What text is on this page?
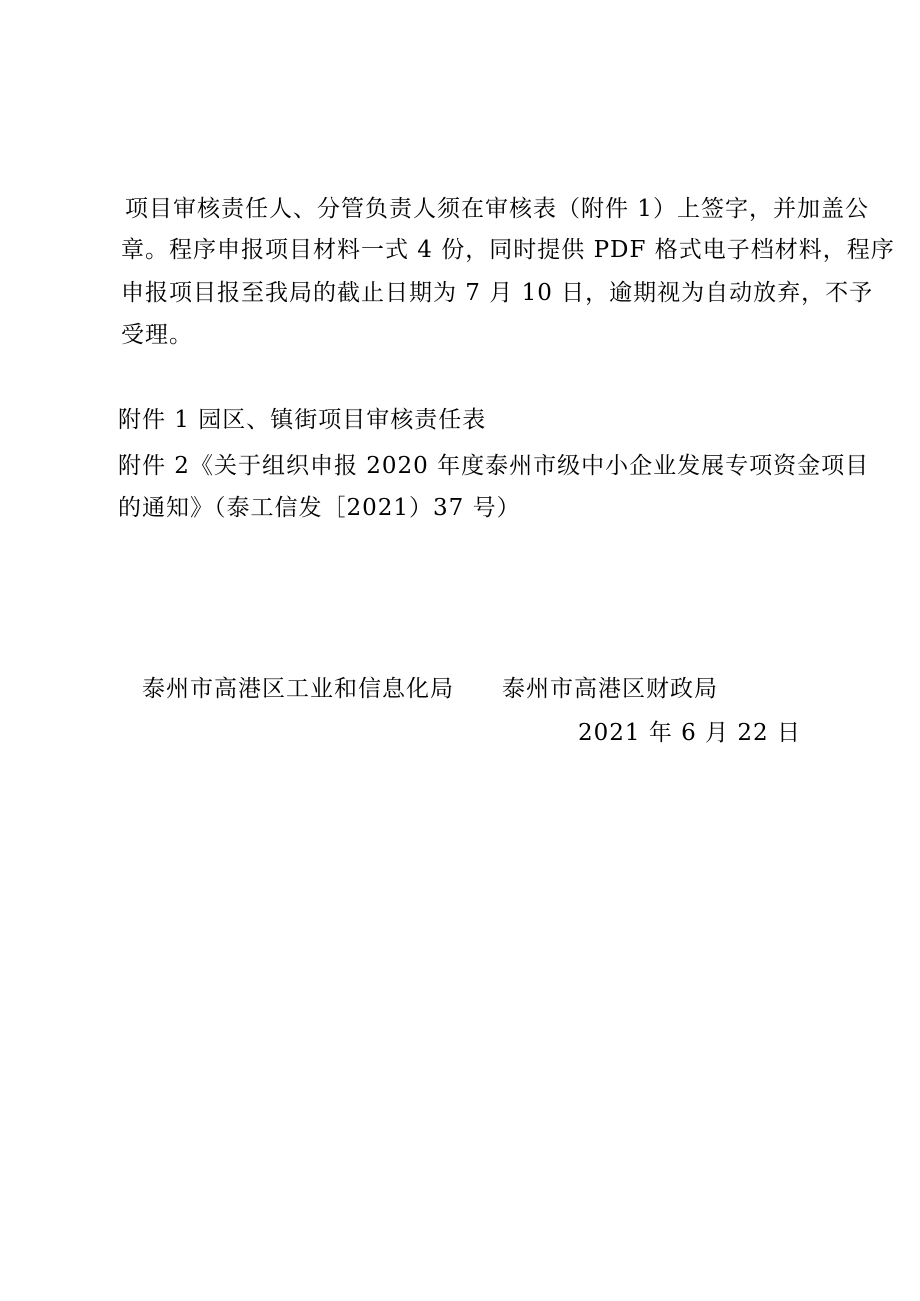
项目审核责任人、分管负责人须在审核表（附件 1）上签字，并加盖公
章。程序申报项目材料一式 4 份，同时提供 PDF 格式电子档材料，程序
申报项目报至我局的截止日期为 7 月 10 日，逾期视为自动放弃，不予
受理。
附件 1 园区、镇街项目审核责任表
附件 2《关于组织申报 2020 年度泰州市级中小企业发展专项资金项目
的通知》（泰工信发［2021）37 号）
泰州市高港区工业和信息化局　　泰州市高港区财政局
2021 年 6 月 22 日
